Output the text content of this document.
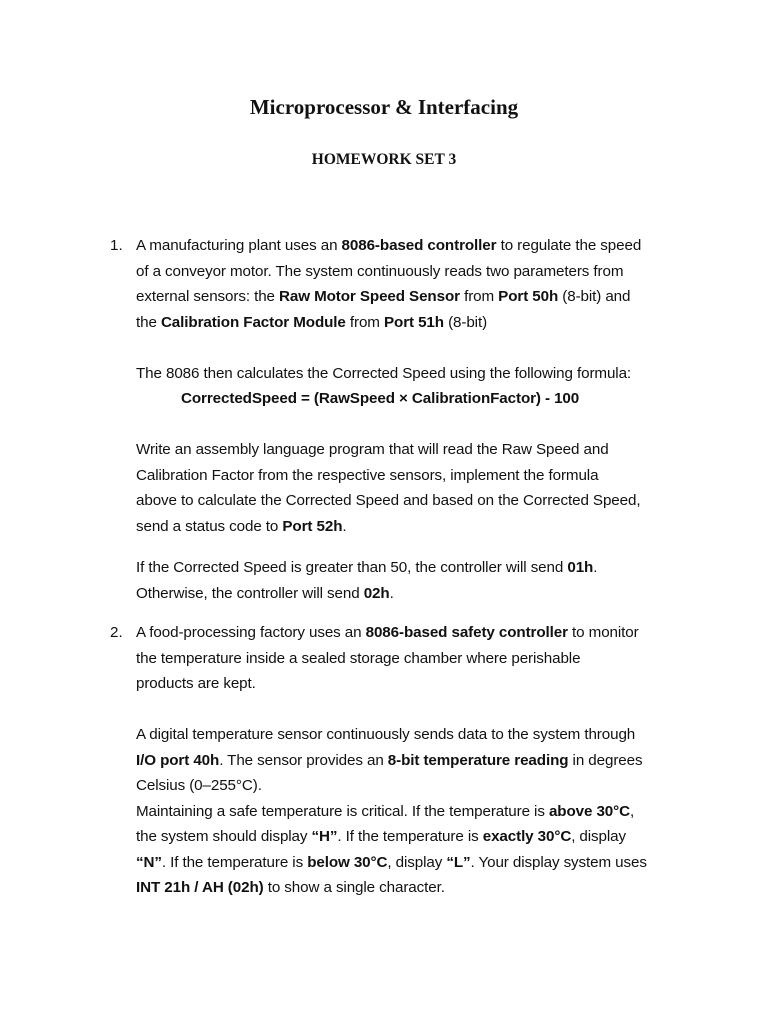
Microprocessor & Interfacing
HOMEWORK SET 3
1. A manufacturing plant uses an 8086-based controller to regulate the speed
of a conveyor motor. The system continuously reads two parameters from
external sensors: the Raw Motor Speed Sensor from Port 50h (8-bit) and
the Calibration Factor Module from Port 51h (8-bit)
The 8086 then calculates the Corrected Speed using the following formula:
CorrectedSpeed = (RawSpeed × CalibrationFactor) - 100
Write an assembly language program that will read the Raw Speed and
Calibration Factor from the respective sensors, implement the formula
above to calculate the Corrected Speed and based on the Corrected Speed,
send a status code to Port 52h.
If the Corrected Speed is greater than 50, the controller will send 01h.
Otherwise, the controller will send 02h.
2. A food-processing factory uses an 8086-based safety controller to monitor
the temperature inside a sealed storage chamber where perishable
products are kept.
A digital temperature sensor continuously sends data to the system through
I/O port 40h. The sensor provides an 8-bit temperature reading in degrees
Celsius (0–255°C).
Maintaining a safe temperature is critical. If the temperature is above 30°C,
the system should display “H”. If the temperature is exactly 30°C, display
“N”. If the temperature is below 30°C, display “L”. Your display system uses
INT 21h / AH (02h) to show a single character.
